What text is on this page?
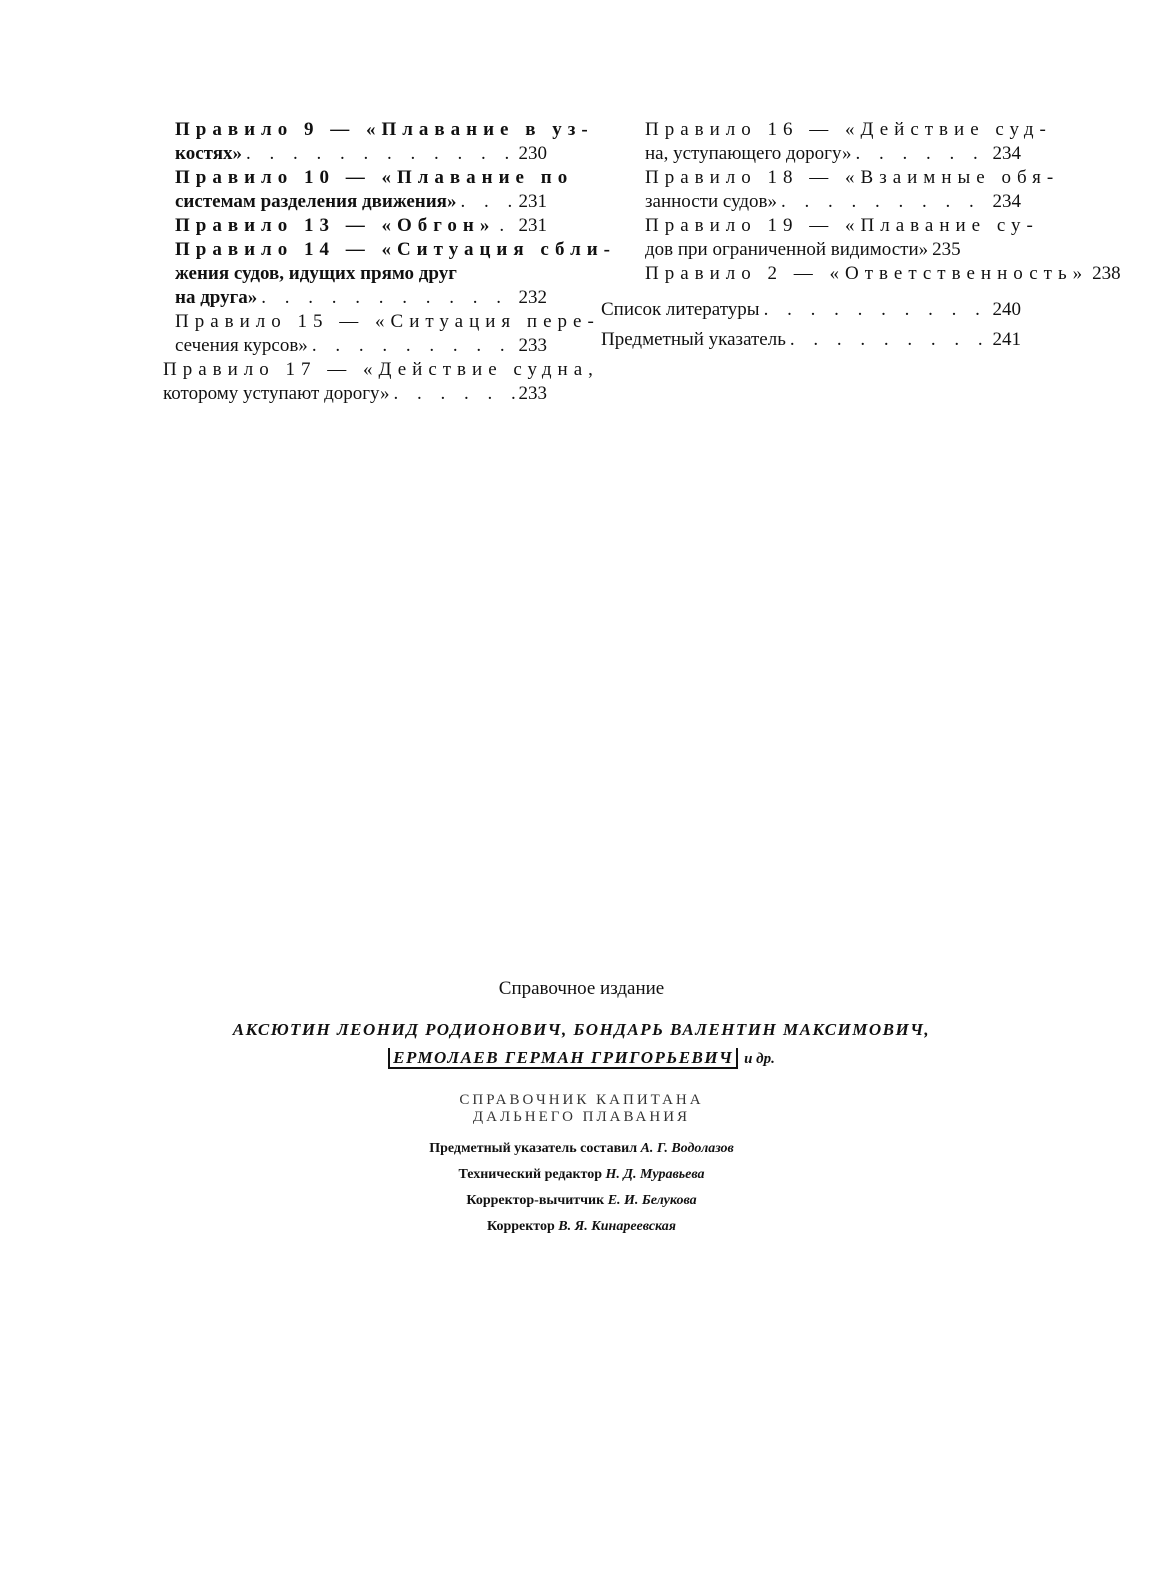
Правило 9 — «Плавание в уз-
костях» . . .	230
Правило 10 — «Плавание по
системам разделения движения» . . .	231
Правило 13 — «Обгон» . . . 231
Правило 14 — «Ситуация сбли-
жения судов, идущих прямо друг
на друга» . . .	232
Правило 15 — «Ситуация пере-
сечения курсов» . . .	233
Правило 17 — «Действие судна,
которому уступают дорогу» . . .	233
Правило 16 — «Действие суд-
на, уступающего дорогу» . . .	234
Правило 18 — «Взаимные обя-
занности судов» . . .	234
Правило 19 — «Плавание су-
дов при ограниченной видимости» 235
Правило 2 — «Ответственность» 238
Список литературы . . .	240
Предметный указатель . . .	241
Справочное издание
АКСЮТИН ЛЕОНИД РОДИОНОВИЧ, БОНДАРЬ ВАЛЕНТИН МАКСИМОВИЧ,
ЕРМОЛАЕВ ГЕРМАН ГРИГОРЬЕВИЧ и др.
СПРАВОЧНИК КАПИТАНА
ДАЛЬНЕГО ПЛАВАНИЯ
Предметный указатель составил А. Г. Водолазов
Технический редактор Н. Д. Муравьева
Корректор-вычитчик Е. И. Белукова
Корректор В. Я. Кинареевская
